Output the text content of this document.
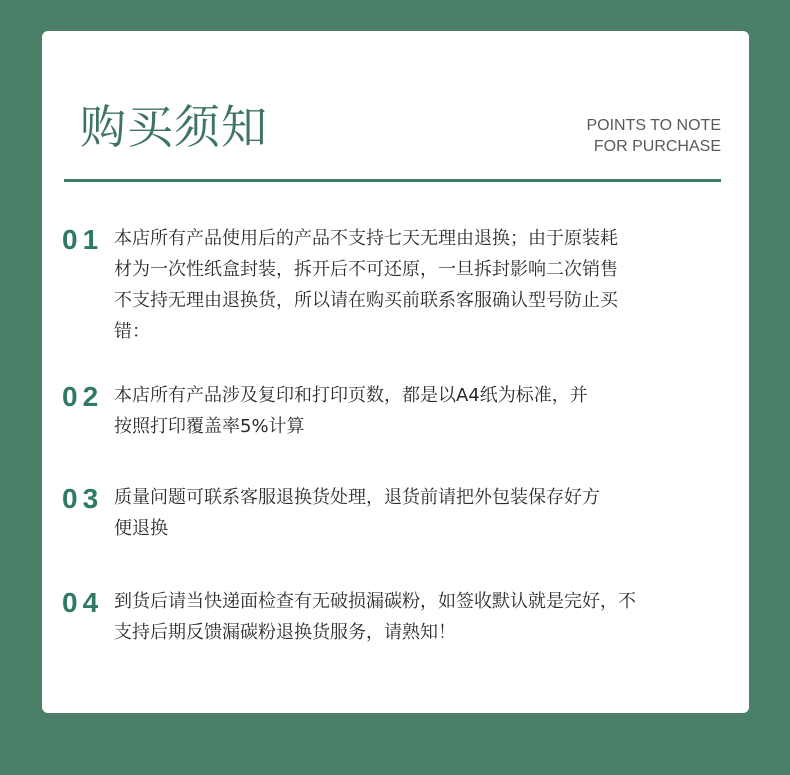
购买须知	POINTS TO NOTE
FOR PURCHASE
01 本店所有产品使用后的产品不支持七天无理由退换；由于原装耗
材为一次性纸盒封装，拆开后不可还原，一旦拆封影响二次销售
不支持无理由退换货，所以请在购买前联系客服确认型号防止买
错：
02 本店所有产品涉及复印和打印页数，都是以A4纸为标准，并
按照打印覆盖率5%计算
03 质量问题可联系客服退换货处理，退货前请把外包装保存好方
便退换
04 到货后请当快递面检查有无破损漏碳粉，如签收默认就是完好，不
支持后期反馈漏碳粉退换货服务，请熟知！
